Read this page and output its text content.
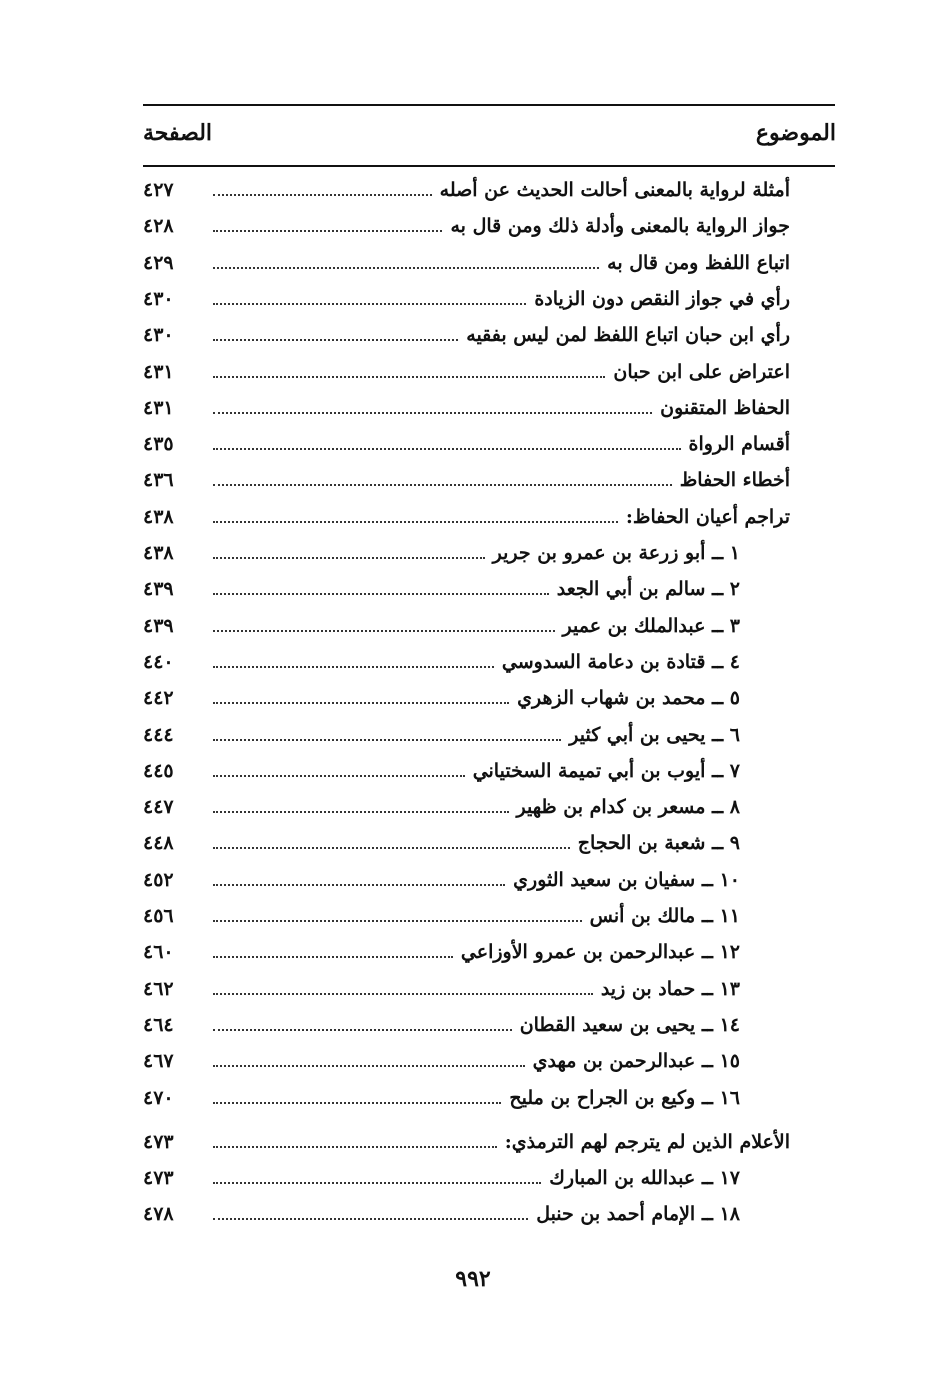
الموضوع
الصفحة
أمثلة لرواية بالمعنى أحالت الحديث عن أصله
٤٢٧
جواز الرواية بالمعنى وأدلة ذلك ومن قال به
٤٢٨
اتباع اللفظ ومن قال به
٤٢٩
رأي في جواز النقص دون الزيادة
٤٣٠
رأي ابن حبان اتباع اللفظ لمن ليس بفقيه
٤٣٠
اعتراض على ابن حبان
٤٣١
الحفاظ المتقنون
٤٣١
أقسام الرواة
٤٣٥
أخطاء الحفاظ
٤٣٦
تراجم أعيان الحفاظ:
٤٣٨
١ ــ أبو زرعة بن عمرو بن جرير
٤٣٨
٢ ــ سالم بن أبي الجعد
٤٣٩
٣ ــ عبدالملك بن عمير
٤٣٩
٤ ــ قتادة بن دعامة السدوسي
٤٤٠
٥ ــ محمد بن شهاب الزهري
٤٤٢
٦ ــ يحيى بن أبي كثير
٤٤٤
٧ ــ أيوب بن أبي تميمة السختياني
٤٤٥
٨ ــ مسعر بن كدام بن ظهير
٤٤٧
٩ ــ شعبة بن الحجاج
٤٤٨
١٠ ــ سفيان بن سعيد الثوري
٤٥٢
١١ ــ مالك بن أنس
٤٥٦
١٢ ــ عبدالرحمن بن عمرو الأوزاعي
٤٦٠
١٣ ــ حماد بن زيد
٤٦٢
١٤ ــ يحيى بن سعيد القطان
٤٦٤
١٥ ــ عبدالرحمن بن مهدي
٤٦٧
١٦ ــ وكيع بن الجراح بن مليح
٤٧٠
الأعلام الذين لم يترجم لهم الترمذي:
٤٧٣
١٧ ــ عبدالله بن المبارك
٤٧٣
١٨ ــ الإمام أحمد بن حنبل
٤٧٨
٩٩٢
